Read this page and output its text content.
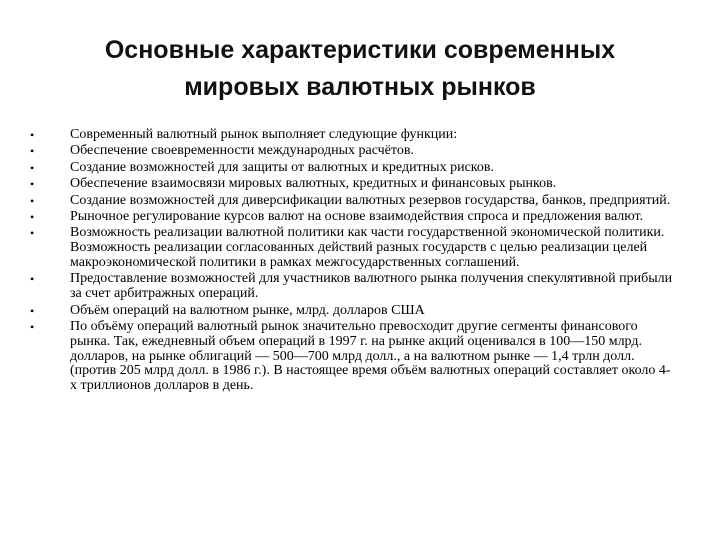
Основные характеристики современных
мировых валютных рынков
•	Современный валютный рынок выполняет следующие функции:
•	Обеспечение своевременности международных расчётов.
•	Создание возможностей для защиты от валютных и кредитных рисков.
•	Обеспечение взаимосвязи мировых валютных, кредитных и финансовых рынков.
•	Создание возможностей для диверсификации валютных резервов государства, банков, предприятий.
•	Рыночное регулирование курсов валют на основе взаимодействия спроса и предложения валют.
•	Возможность реализации валютной политики как части государственной экономической политики. Возможность реализации согласованных действий разных государств с целью реализации целей макроэкономической политики в рамках межгосударственных соглашений.
•	Предоставление возможностей для участников валютного рынка получения спекулятивной прибыли за счет арбитражных операций.
•	Объём операций на валютном рынке, млрд. долларов США
•	По объёму операций валютный рынок значительно превосходит другие сегменты финансового рынка. Так, ежедневный объем операций в 1997 г. на рынке акций оценивался в 100—150 млрд. долларов, на рынке облигаций — 500—700 млрд долл., а на валютном рынке — 1,4 трлн долл. (против 205 млрд долл. в 1986 г.). В настоящее время объём валютных операций составляет около 4-х триллионов долларов в день.
